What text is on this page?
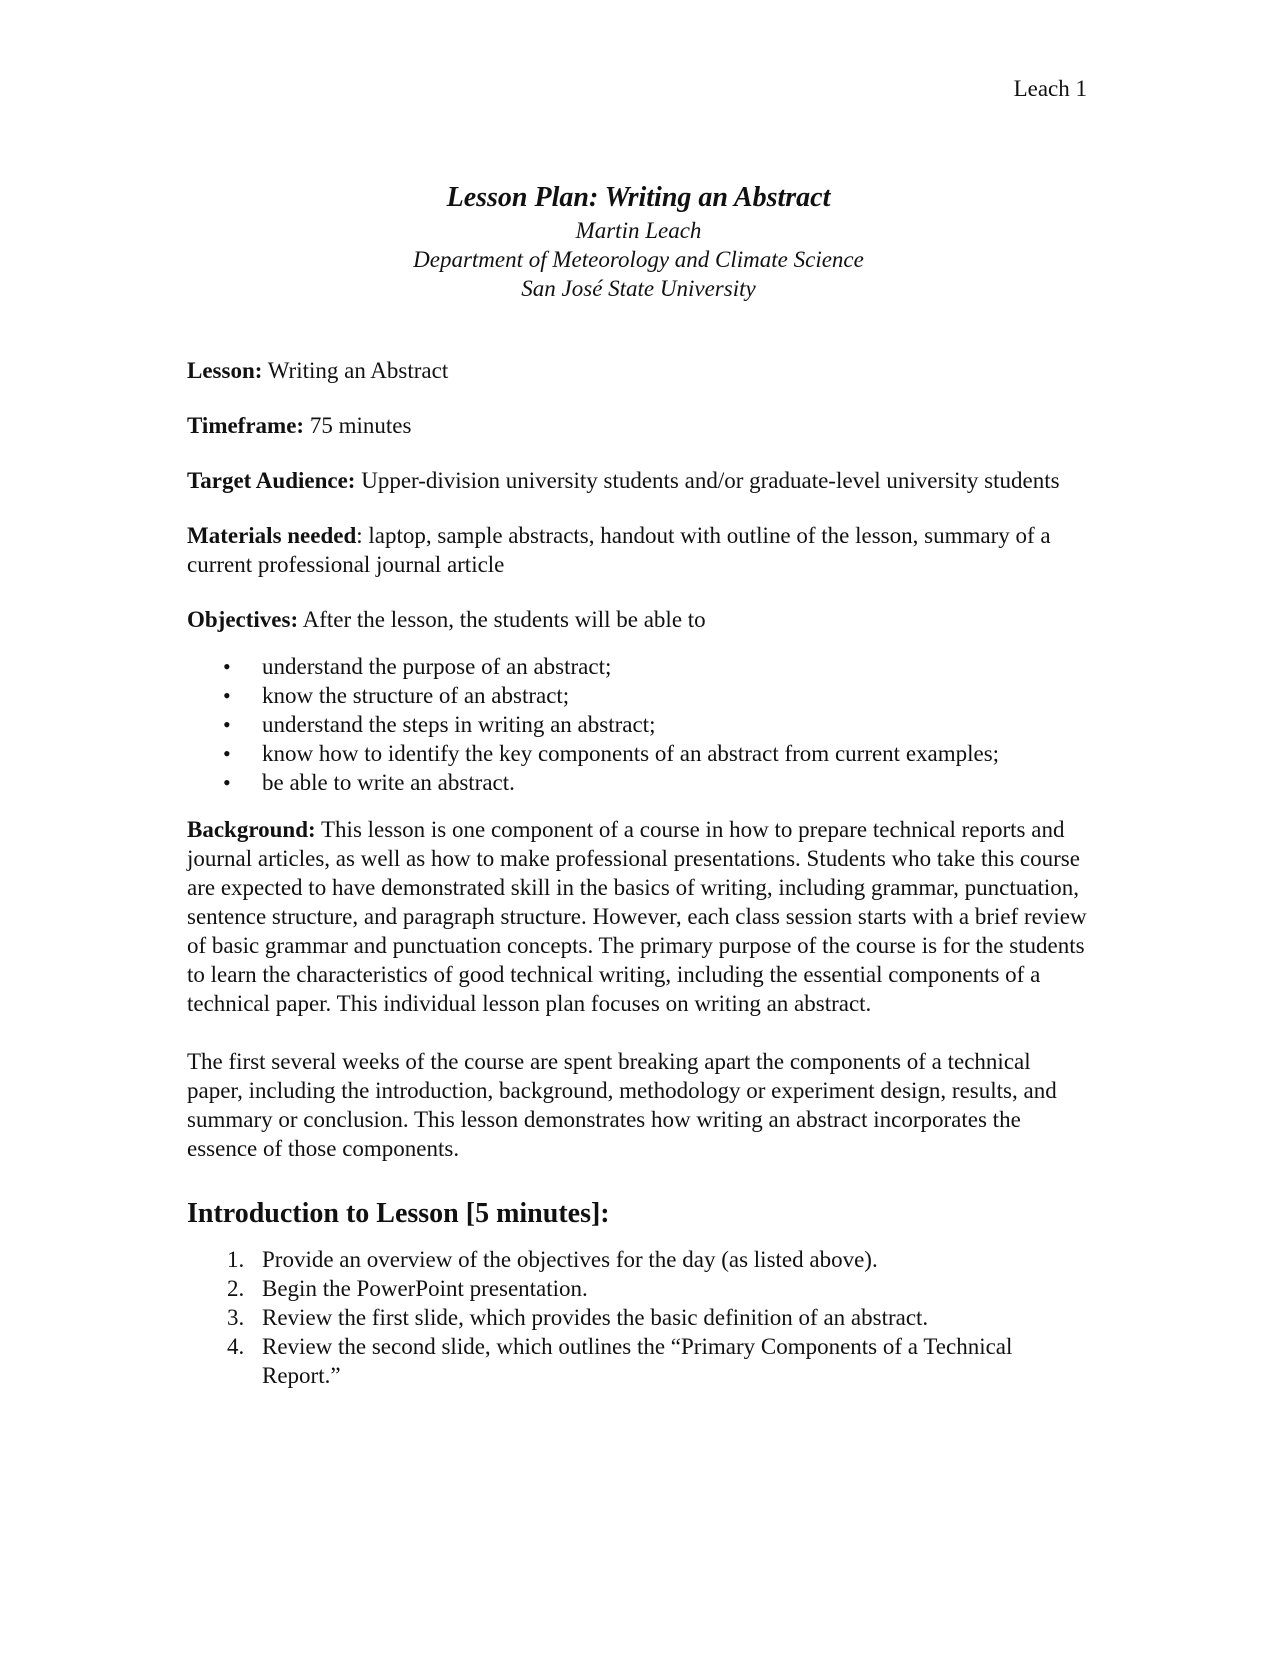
Leach 1

Lesson Plan: Writing an Abstract

Martin Leach
Department of Meteorology and Climate Science
San José State University

Lesson: Writing an Abstract

Timeframe: 75 minutes

Target Audience: Upper-division university students and/or graduate-level university students

Materials needed: laptop, sample abstracts, handout with outline of the lesson, summary of a current professional journal article

Objectives: After the lesson, the students will be able to

• understand the purpose of an abstract;
• know the structure of an abstract;
• understand the steps in writing an abstract;
• know how to identify the key components of an abstract from current examples;
• be able to write an abstract.

Background: This lesson is one component of a course in how to prepare technical reports and journal articles, as well as how to make professional presentations. Students who take this course are expected to have demonstrated skill in the basics of writing, including grammar, punctuation, sentence structure, and paragraph structure. However, each class session starts with a brief review of basic grammar and punctuation concepts. The primary purpose of the course is for the students to learn the characteristics of good technical writing, including the essential components of a technical paper. This individual lesson plan focuses on writing an abstract.

The first several weeks of the course are spent breaking apart the components of a technical paper, including the introduction, background, methodology or experiment design, results, and summary or conclusion. This lesson demonstrates how writing an abstract incorporates the essence of those components.

Introduction to Lesson [5 minutes]:
1. Provide an overview of the objectives for the day (as listed above).
2. Begin the PowerPoint presentation.
3. Review the first slide, which provides the basic definition of an abstract.
4. Review the second slide, which outlines the “Primary Components of a Technical Report.”
